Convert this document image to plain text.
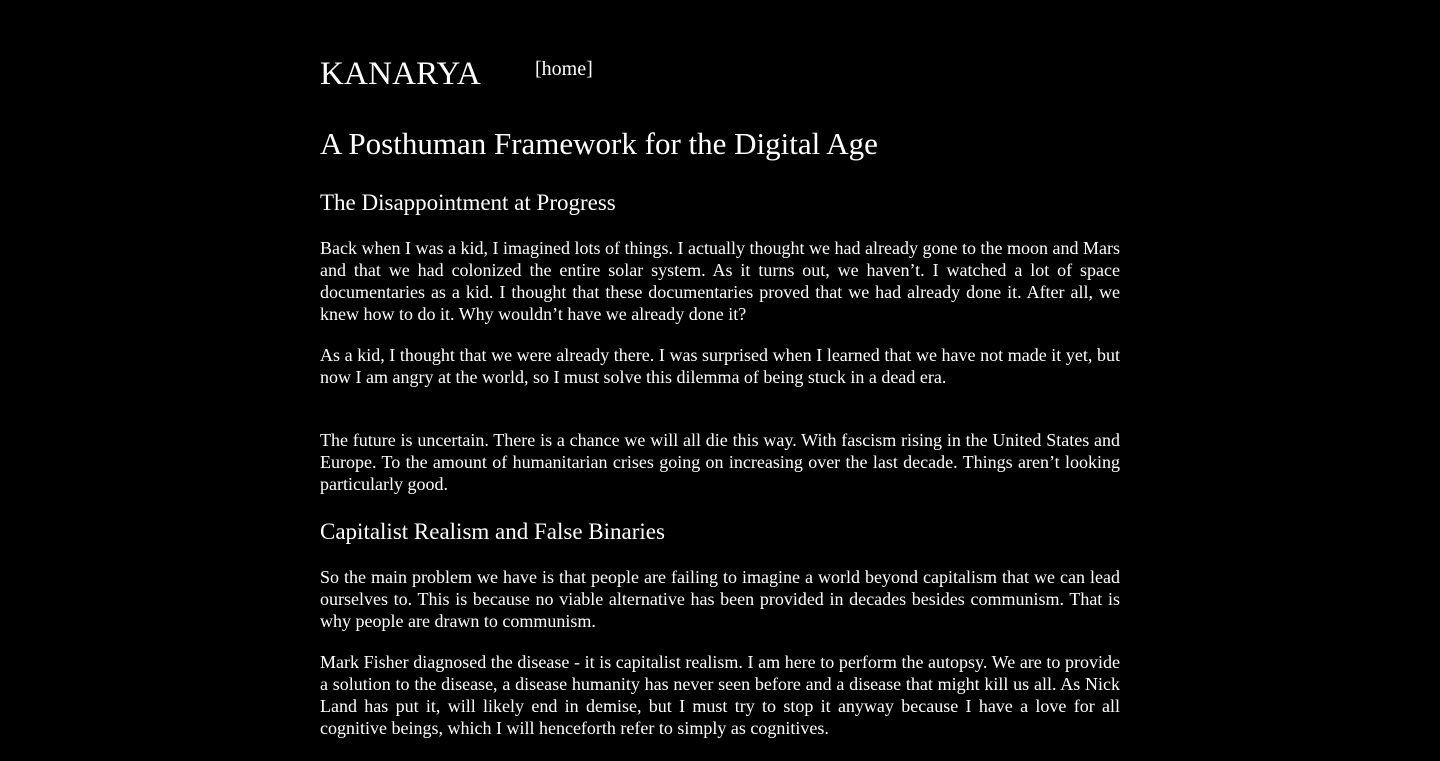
KANARYA	[home]
A Posthuman Framework for the Digital Age
The Disappointment at Progress

Back when I was a kid, I imagined lots of things. I actually thought we had already gone to the moon and Mars and that we had colonized the entire solar system. As it turns out, we haven’t. I watched a lot of space documentaries as a kid. I thought that these documentaries proved that we had already done it. After all, we knew how to do it. Why wouldn’t have we already done it?

As a kid, I thought that we were already there. I was surprised when I learned that we have not made it yet, but now I am angry at the world, so I must solve this dilemma of being stuck in a dead era.

The future is uncertain. There is a chance we will all die this way. With fascism rising in the United States and Europe. To the amount of humanitarian crises going on increasing over the last decade. Things aren’t looking particularly good.

Capitalist Realism and False Binaries

So the main problem we have is that people are failing to imagine a world beyond capitalism that we can lead ourselves to. This is because no viable alternative has been provided in decades besides communism. That is why people are drawn to communism.

Mark Fisher diagnosed the disease - it is capitalist realism. I am here to perform the autopsy. We are to provide a solution to the disease, a disease humanity has never seen before and a disease that might kill us all. As Nick Land has put it, will likely end in demise, but I must try to stop it anyway because I have a love for all cognitive beings, which I will henceforth refer to simply as cognitives.
